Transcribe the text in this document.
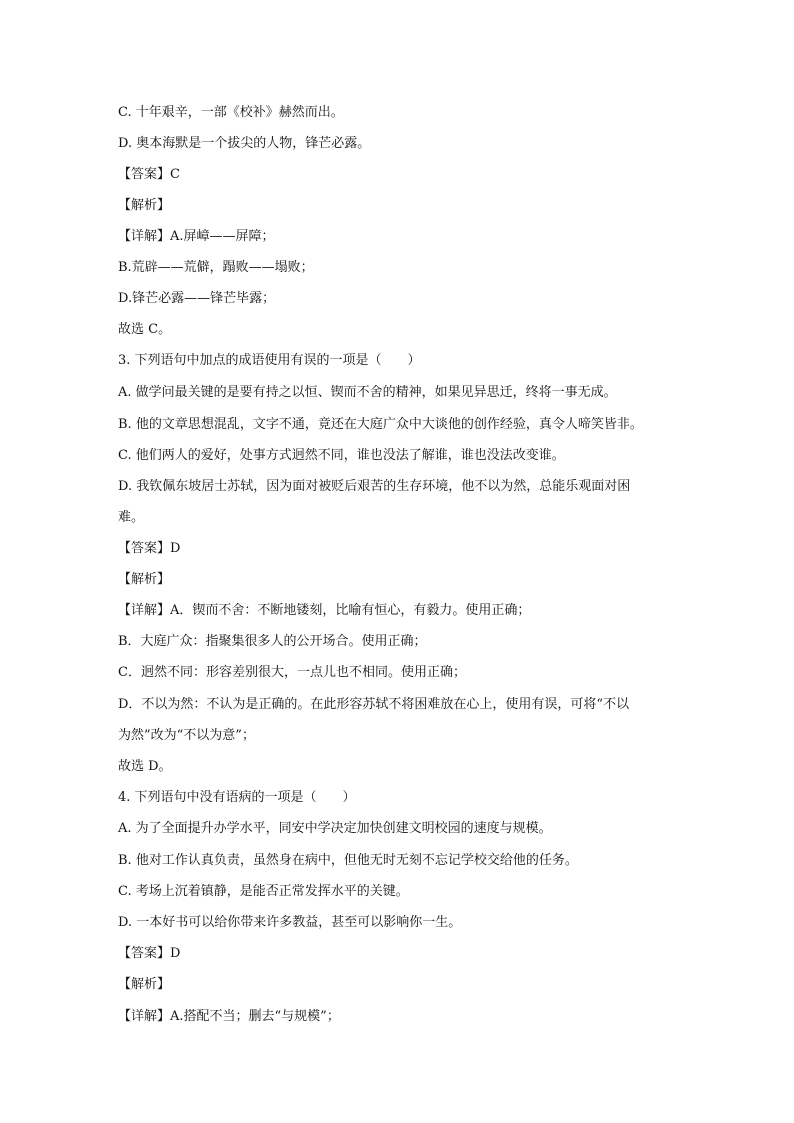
C. 十年艰辛，一部《校补》赫然而出。
D. 奥本海默是一个拔尖的人物，锋芒必露。
【答案】C
【解析】
【详解】A.屏嶂——屏障；
B.荒辟——荒僻，蹋败——塌败；
D.锋芒必露——锋芒毕露；
故选 C。
3. 下列语句中加点的成语使用有误的一项是（　　）
A. 做学问最关键的是要有持之以恒、锲而不舍的精神，如果见异思迁，终将一事无成。
B. 他的文章思想混乱，文字不通，竟还在大庭广众中大谈他的创作经验，真令人啼笑皆非。
C. 他们两人的爱好，处事方式迥然不同，谁也没法了解谁，谁也没法改变谁。
D. 我钦佩东坡居士苏轼，因为面对被贬后艰苦的生存环境，他不以为然，总能乐观面对困
难。
【答案】D
【解析】
【详解】A．锲而不舍：不断地镂刻，比喻有恒心，有毅力。使用正确；
B．大庭广众：指聚集很多人的公开场合。使用正确；
C．迥然不同：形容差别很大，一点儿也不相同。使用正确；
D．不以为然：不认为是正确的。在此形容苏轼不将困难放在心上，使用有误，可将“不以
为然”改为“不以为意”；
故选 D。
4. 下列语句中没有语病的一项是（　　）
A. 为了全面提升办学水平，同安中学决定加快创建文明校园的速度与规模。
B. 他对工作认真负责，虽然身在病中，但他无时无刻不忘记学校交给他的任务。
C. 考场上沉着镇静，是能否正常发挥水平的关键。
D. 一本好书可以给你带来许多教益，甚至可以影响你一生。
【答案】D
【解析】
【详解】A.搭配不当；删去“与规模”；
